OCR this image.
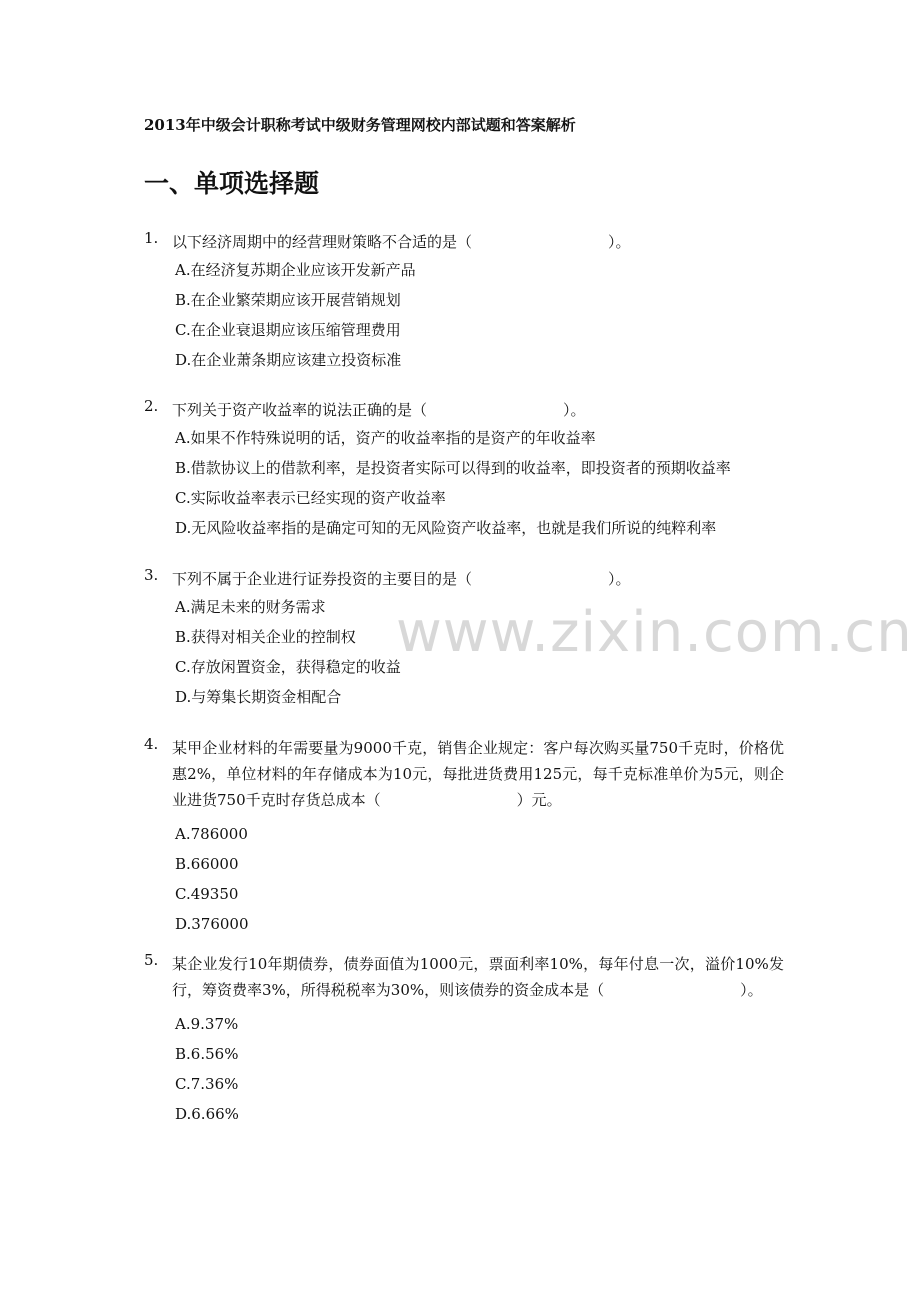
2013年中级会计职称考试中级财务管理网校内部试题和答案解析
一、单项选择题
1. 以下经济周期中的经营理财策略不合适的是（	）。
A.在经济复苏期企业应该开发新产品
B.在企业繁荣期应该开展营销规划
C.在企业衰退期应该压缩管理费用
D.在企业萧条期应该建立投资标准
2. 下列关于资产收益率的说法正确的是（	）。
A.如果不作特殊说明的话，资产的收益率指的是资产的年收益率
B.借款协议上的借款利率，是投资者实际可以得到的收益率，即投资者的预期收益率
C.实际收益率表示已经实现的资产收益率
D.无风险收益率指的是确定可知的无风险资产收益率，也就是我们所说的纯粹利率
3. 下列不属于企业进行证券投资的主要目的是（	）。
A.满足未来的财务需求
B.获得对相关企业的控制权
C.存放闲置资金，获得稳定的收益
D.与筹集长期资金相配合
4. 某甲企业材料的年需要量为9000千克，销售企业规定：客户每次购买量750千克时，价格优惠2%，单位材料的年存储成本为10元，每批进货费用125元，每千克标准单价为5元，则企业进货750千克时存货总成本（	）元。
A.786000
B.66000
C.49350
D.376000
5. 某企业发行10年期债券，债券面值为1000元，票面利率10%，每年付息一次，溢价10%发行，筹资费率3%，所得税税率为30%，则该债券的资金成本是（	）。
A.9.37%
B.6.56%
C.7.36%
D.6.66%
www.zixin.com.cn
